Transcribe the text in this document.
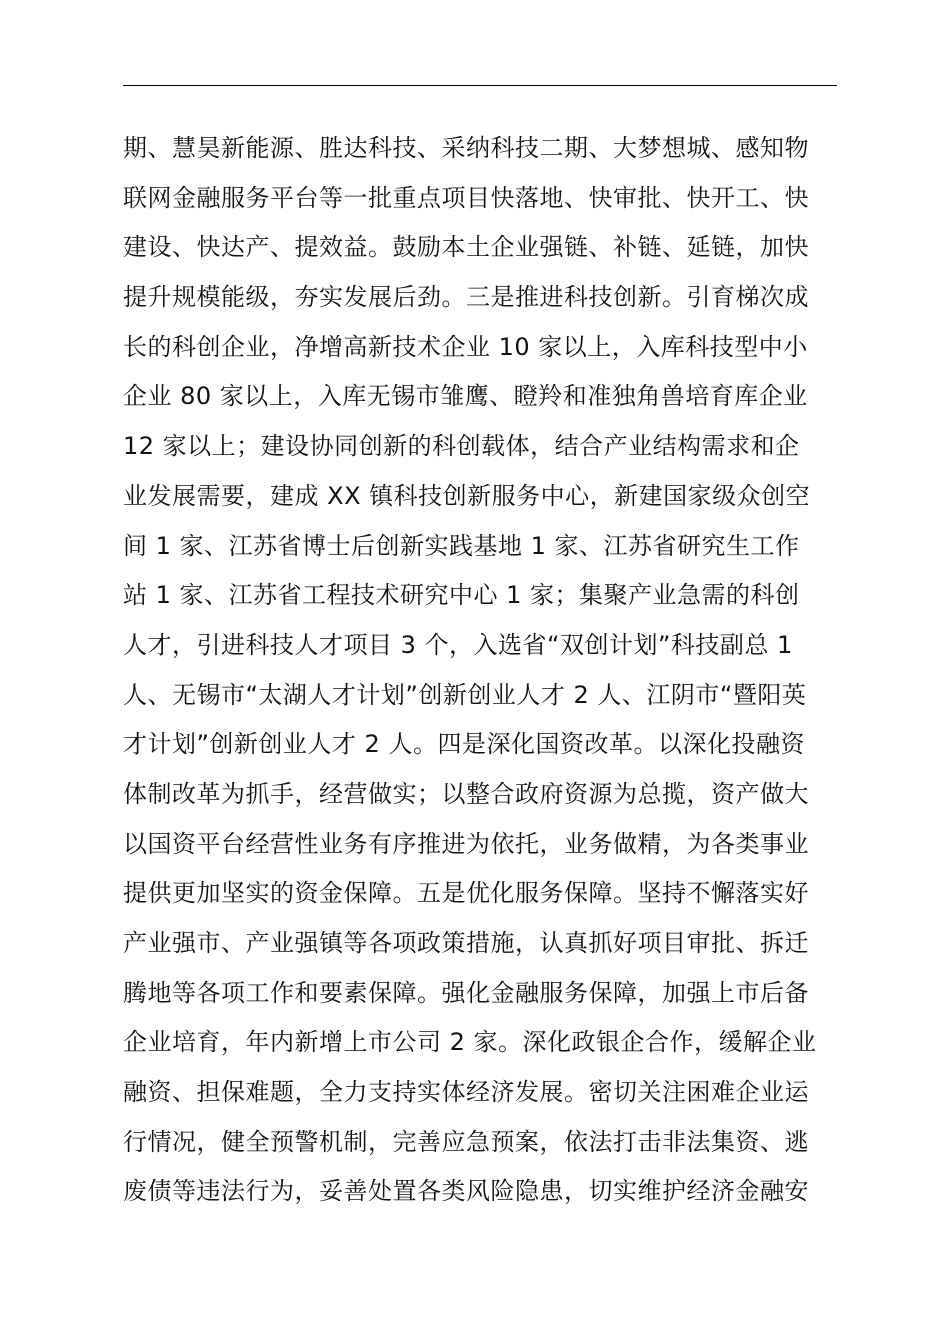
期、慧昊新能源、胜达科技、采纳科技二期、大梦想城、感知物
联网金融服务平台等一批重点项目快落地、快审批、快开工、快
建设、快达产、提效益。鼓励本土企业强链、补链、延链，加快
提升规模能级，夯实发展后劲。三是推进科技创新。引育梯次成
长的科创企业，净增高新技术企业 10 家以上，入库科技型中小
企业 80 家以上，入库无锡市雏鹰、瞪羚和准独角兽培育库企业
12 家以上；建设协同创新的科创载体，结合产业结构需求和企
业发展需要，建成 XX 镇科技创新服务中心，新建国家级众创空
间 1 家、江苏省博士后创新实践基地 1 家、江苏省研究生工作
站 1 家、江苏省工程技术研究中心 1 家；集聚产业急需的科创
人才，引进科技人才项目 3 个，入选省“双创计划”科技副总 1
人、无锡市“太湖人才计划”创新创业人才 2 人、江阴市“暨阳英
才计划”创新创业人才 2 人。四是深化国资改革。以深化投融资
体制改革为抓手，经营做实；以整合政府资源为总揽，资产做大
以国资平台经营性业务有序推进为依托，业务做精，为各类事业
提供更加坚实的资金保障。五是优化服务保障。坚持不懈落实好
产业强市、产业强镇等各项政策措施，认真抓好项目审批、拆迁
腾地等各项工作和要素保障。强化金融服务保障，加强上市后备
企业培育，年内新增上市公司 2 家。深化政银企合作，缓解企业
融资、担保难题，全力支持实体经济发展。密切关注困难企业运
行情况，健全预警机制，完善应急预案，依法打击非法集资、逃
废债等违法行为，妥善处置各类风险隐患，切实维护经济金融安
